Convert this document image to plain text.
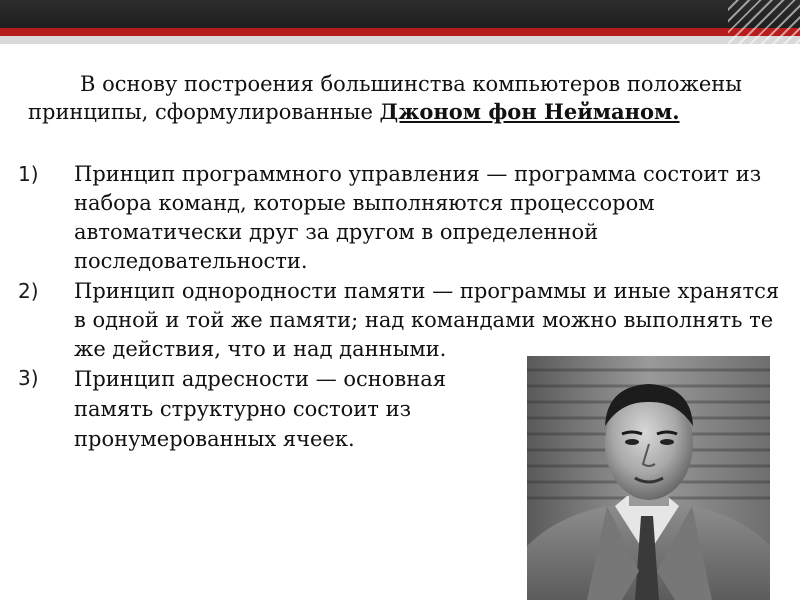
В основу построения большинства компьютеров положены принципы, сформулированные Джоном фон Нейманом.

1) Принцип программного управления — программа состоит из набора команд, которые выполняются процессором автоматически друг за другом в определенной последовательности.
2) Принцип однородности памяти — программы и иные хранятся в одной и той же памяти; над командами можно выполнять те же действия, что и над данными.
3) Принцип адресности — основная память структурно состоит из пронумерованных ячеек.
